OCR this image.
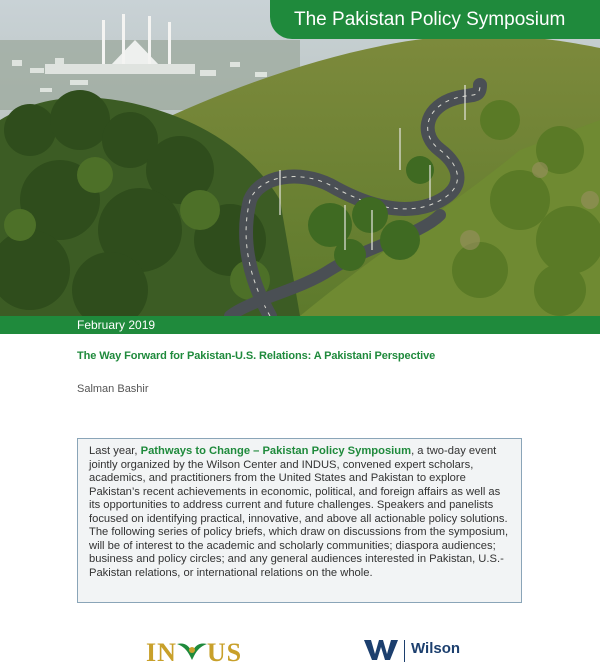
The Pakistan Policy Symposium
February 2019
The Way Forward for Pakistan-U.S. Relations: A Pakistani Perspective
Salman Bashir
Last year, Pathways to Change – Pakistan Policy Symposium, a two-day event jointly organized by the Wilson Center and INDUS, convened expert scholars, academics, and practitioners from the United States and Pakistan to explore Pakistan’s recent achievements in economic, political, and foreign affairs as well as its opportunities to address current and future challenges. Speakers and panelists focused on identifying practical, innovative, and above all actionable policy solutions. The following series of policy briefs, which draw on discussions from the symposium, will be of interest to the academic and scholarly communities; diaspora audiences; business and policy circles; and any general audiences interested in Pakistan, U.S.-Pakistan relations, or international relations on the whole.
IN US	Wilson
